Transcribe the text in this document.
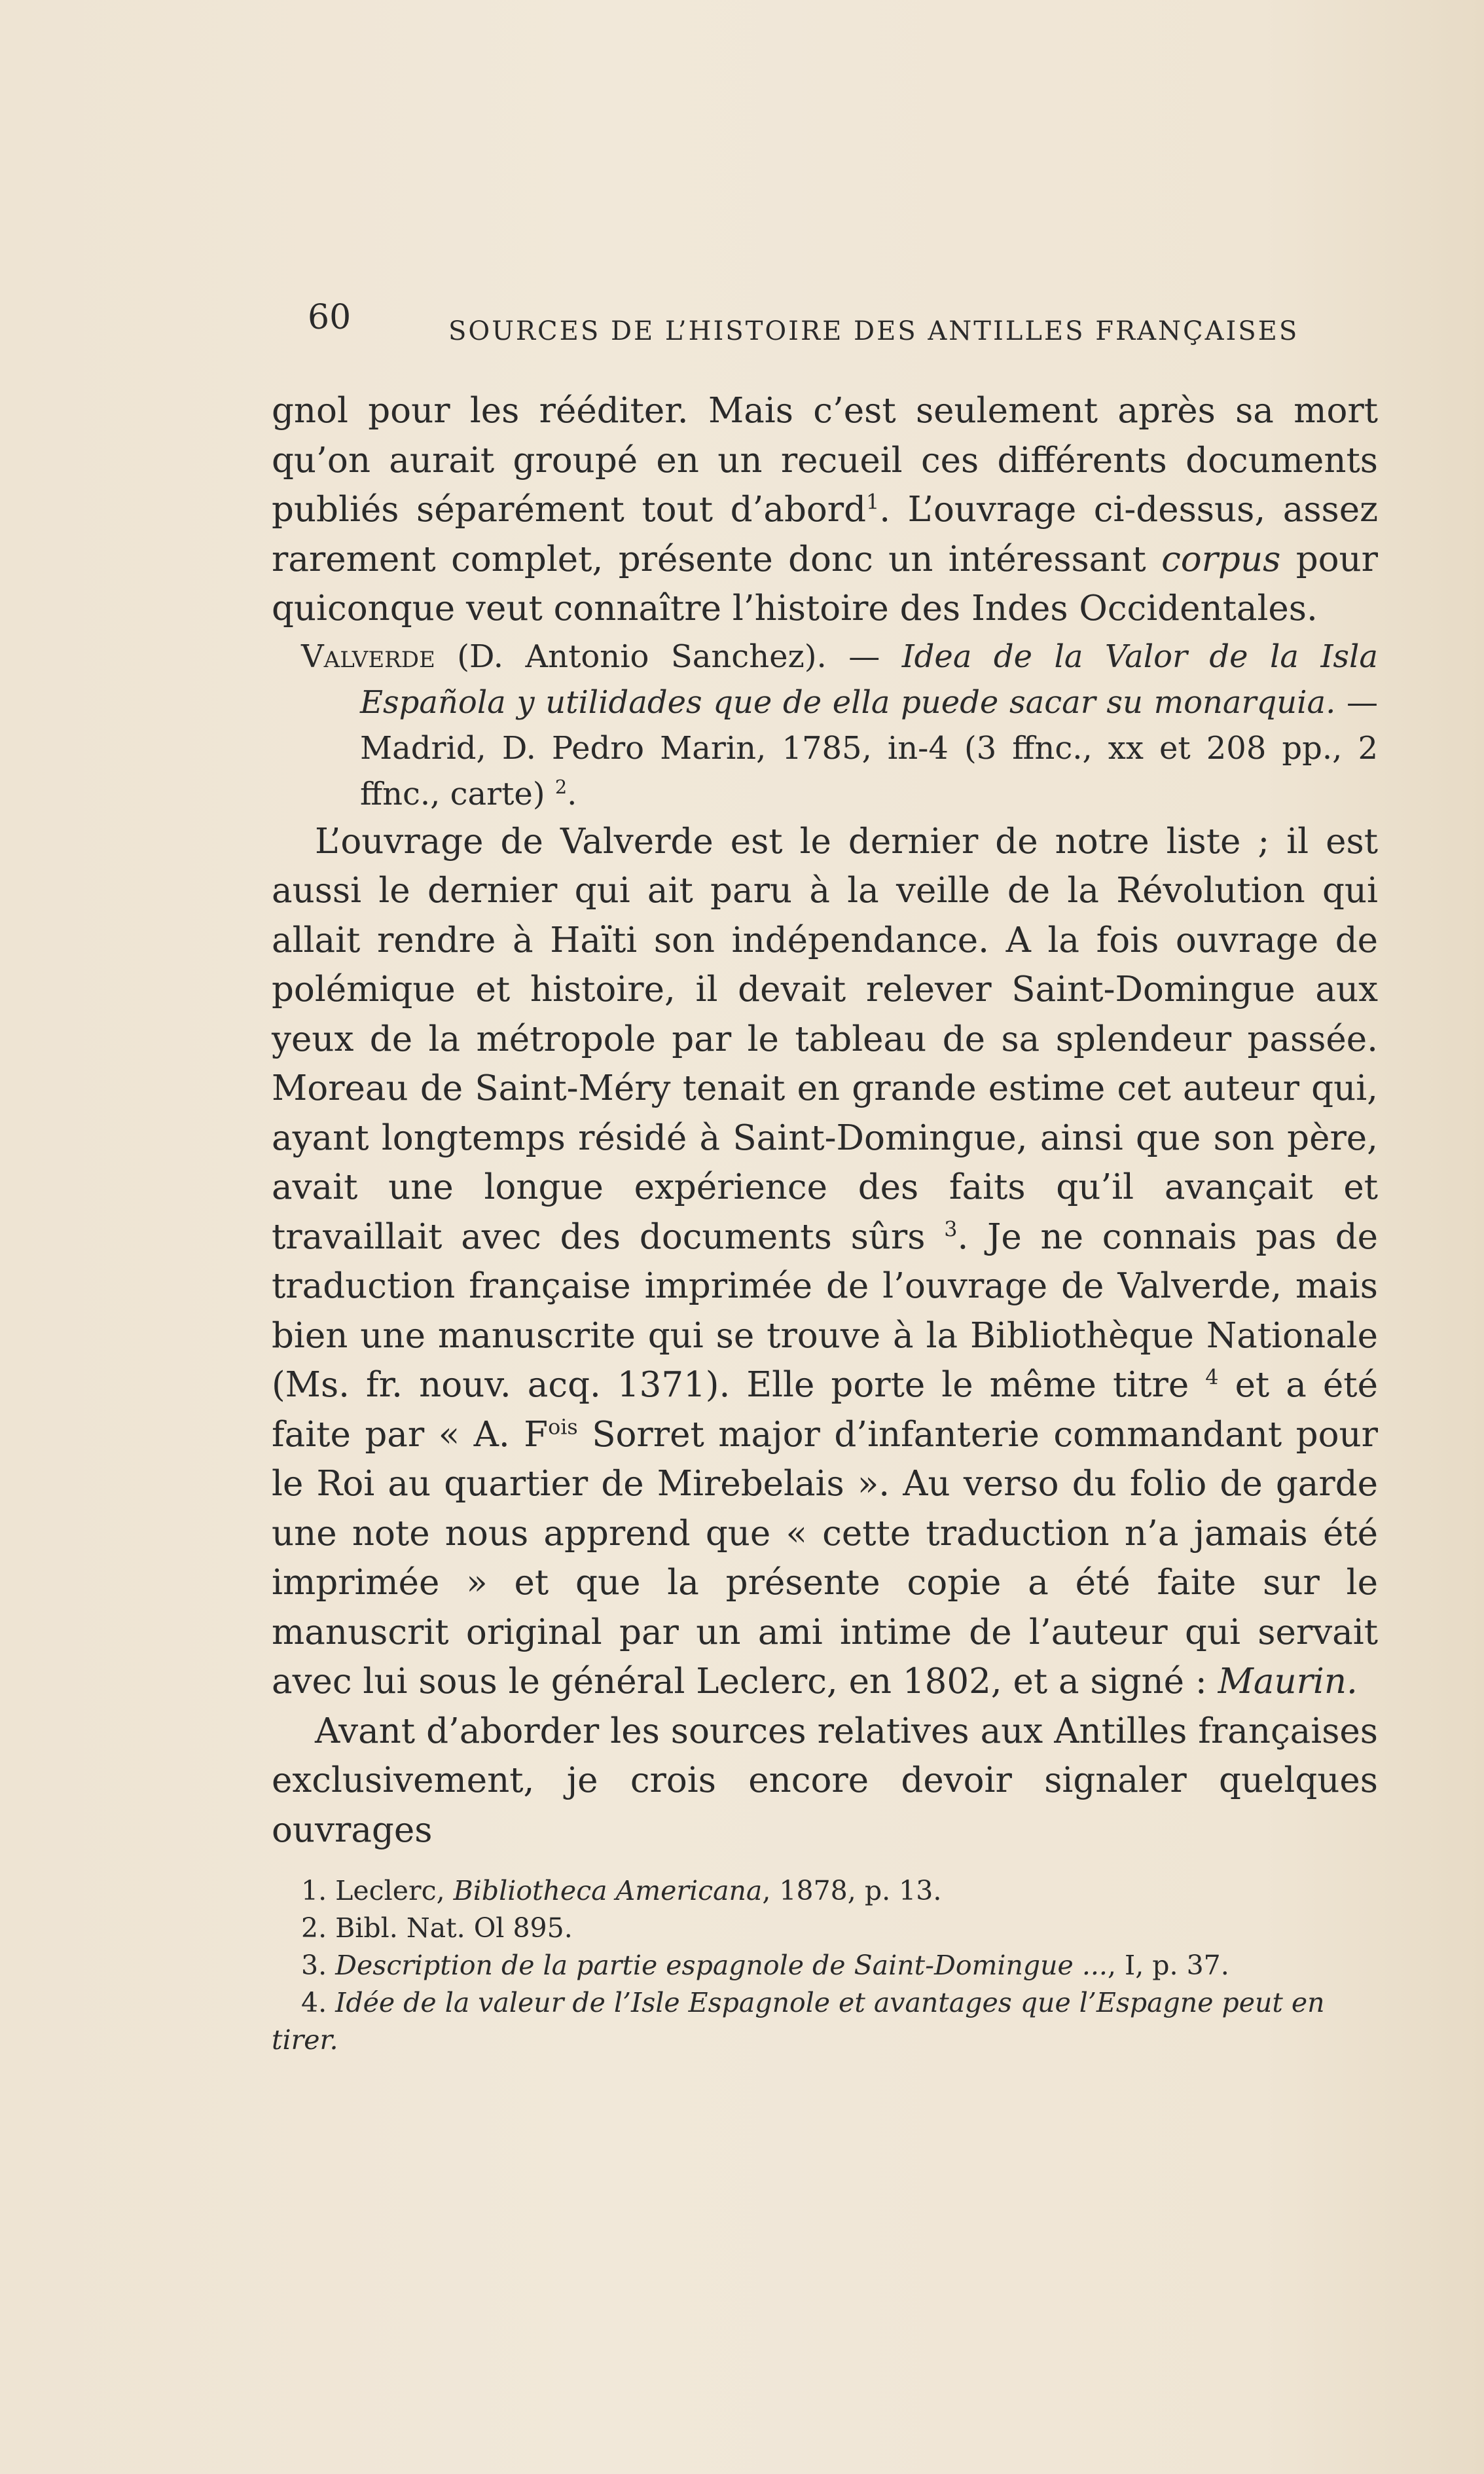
60	SOURCES DE L’HISTOIRE DES ANTILLES FRANÇAISES

gnol pour les rééditer. Mais c’est seulement après sa mort qu’on aurait groupé en un recueil ces différents documents publiés séparément tout d’abord$^1$. L’ouvrage ci-dessus, assez rarement complet, présente donc un intéressant corpus pour quiconque veut connaître l’histoire des Indes Occidentales.

Valverde (D. Antonio Sanchez). — Idea de la Valor de la Isla Española y utilidades que de ella puede sacar su monarquia. — Madrid, D. Pedro Marin, 1785, in-4 (3 ffnc., xx et 208 pp., 2 ffnc., carte) $^2$.

L’ouvrage de Valverde est le dernier de notre liste ; il est aussi le dernier qui ait paru à la veille de la Révolution qui allait rendre à Haïti son indépendance. A la fois ouvrage de polémique et histoire, il devait relever Saint-Domingue aux yeux de la métropole par le tableau de sa splendeur passée. Moreau de Saint-Méry tenait en grande estime cet auteur qui, ayant longtemps résidé à Saint-Domingue, ainsi que son père, avait une longue expérience des faits qu’il avançait et travaillait avec des documents sûrs $^3$. Je ne connais pas de traduction française imprimée de l’ouvrage de Valverde, mais bien une manuscrite qui se trouve à la Bibliothèque Nationale (Ms. fr. nouv. acq. 1371). Elle porte le même titre $^4$ et a été faite par « A. $F^{ois}$ Sorret major d’infanterie commandant pour le Roi au quartier de Mirebelais ». Au verso du folio de garde une note nous apprend que « cette traduction n’a jamais été imprimée » et que la présente copie a été faite sur le manuscrit original par un ami intime de l’auteur qui servait avec lui sous le général Leclerc, en 1802, et a signé : Maurin.

Avant d’aborder les sources relatives aux Antilles françaises exclusivement, je crois encore devoir signaler quelques ouvrages

1. Leclerc, Bibliotheca Americana, 1878, p. 13.

2. Bibl. Nat. Ol 895.

3. Description de la partie espagnole de Saint-Domingue ..., I, p. 37.

4. Idée de la valeur de l’Isle Espagnole et avantages que l’Espagne peut en tirer.
